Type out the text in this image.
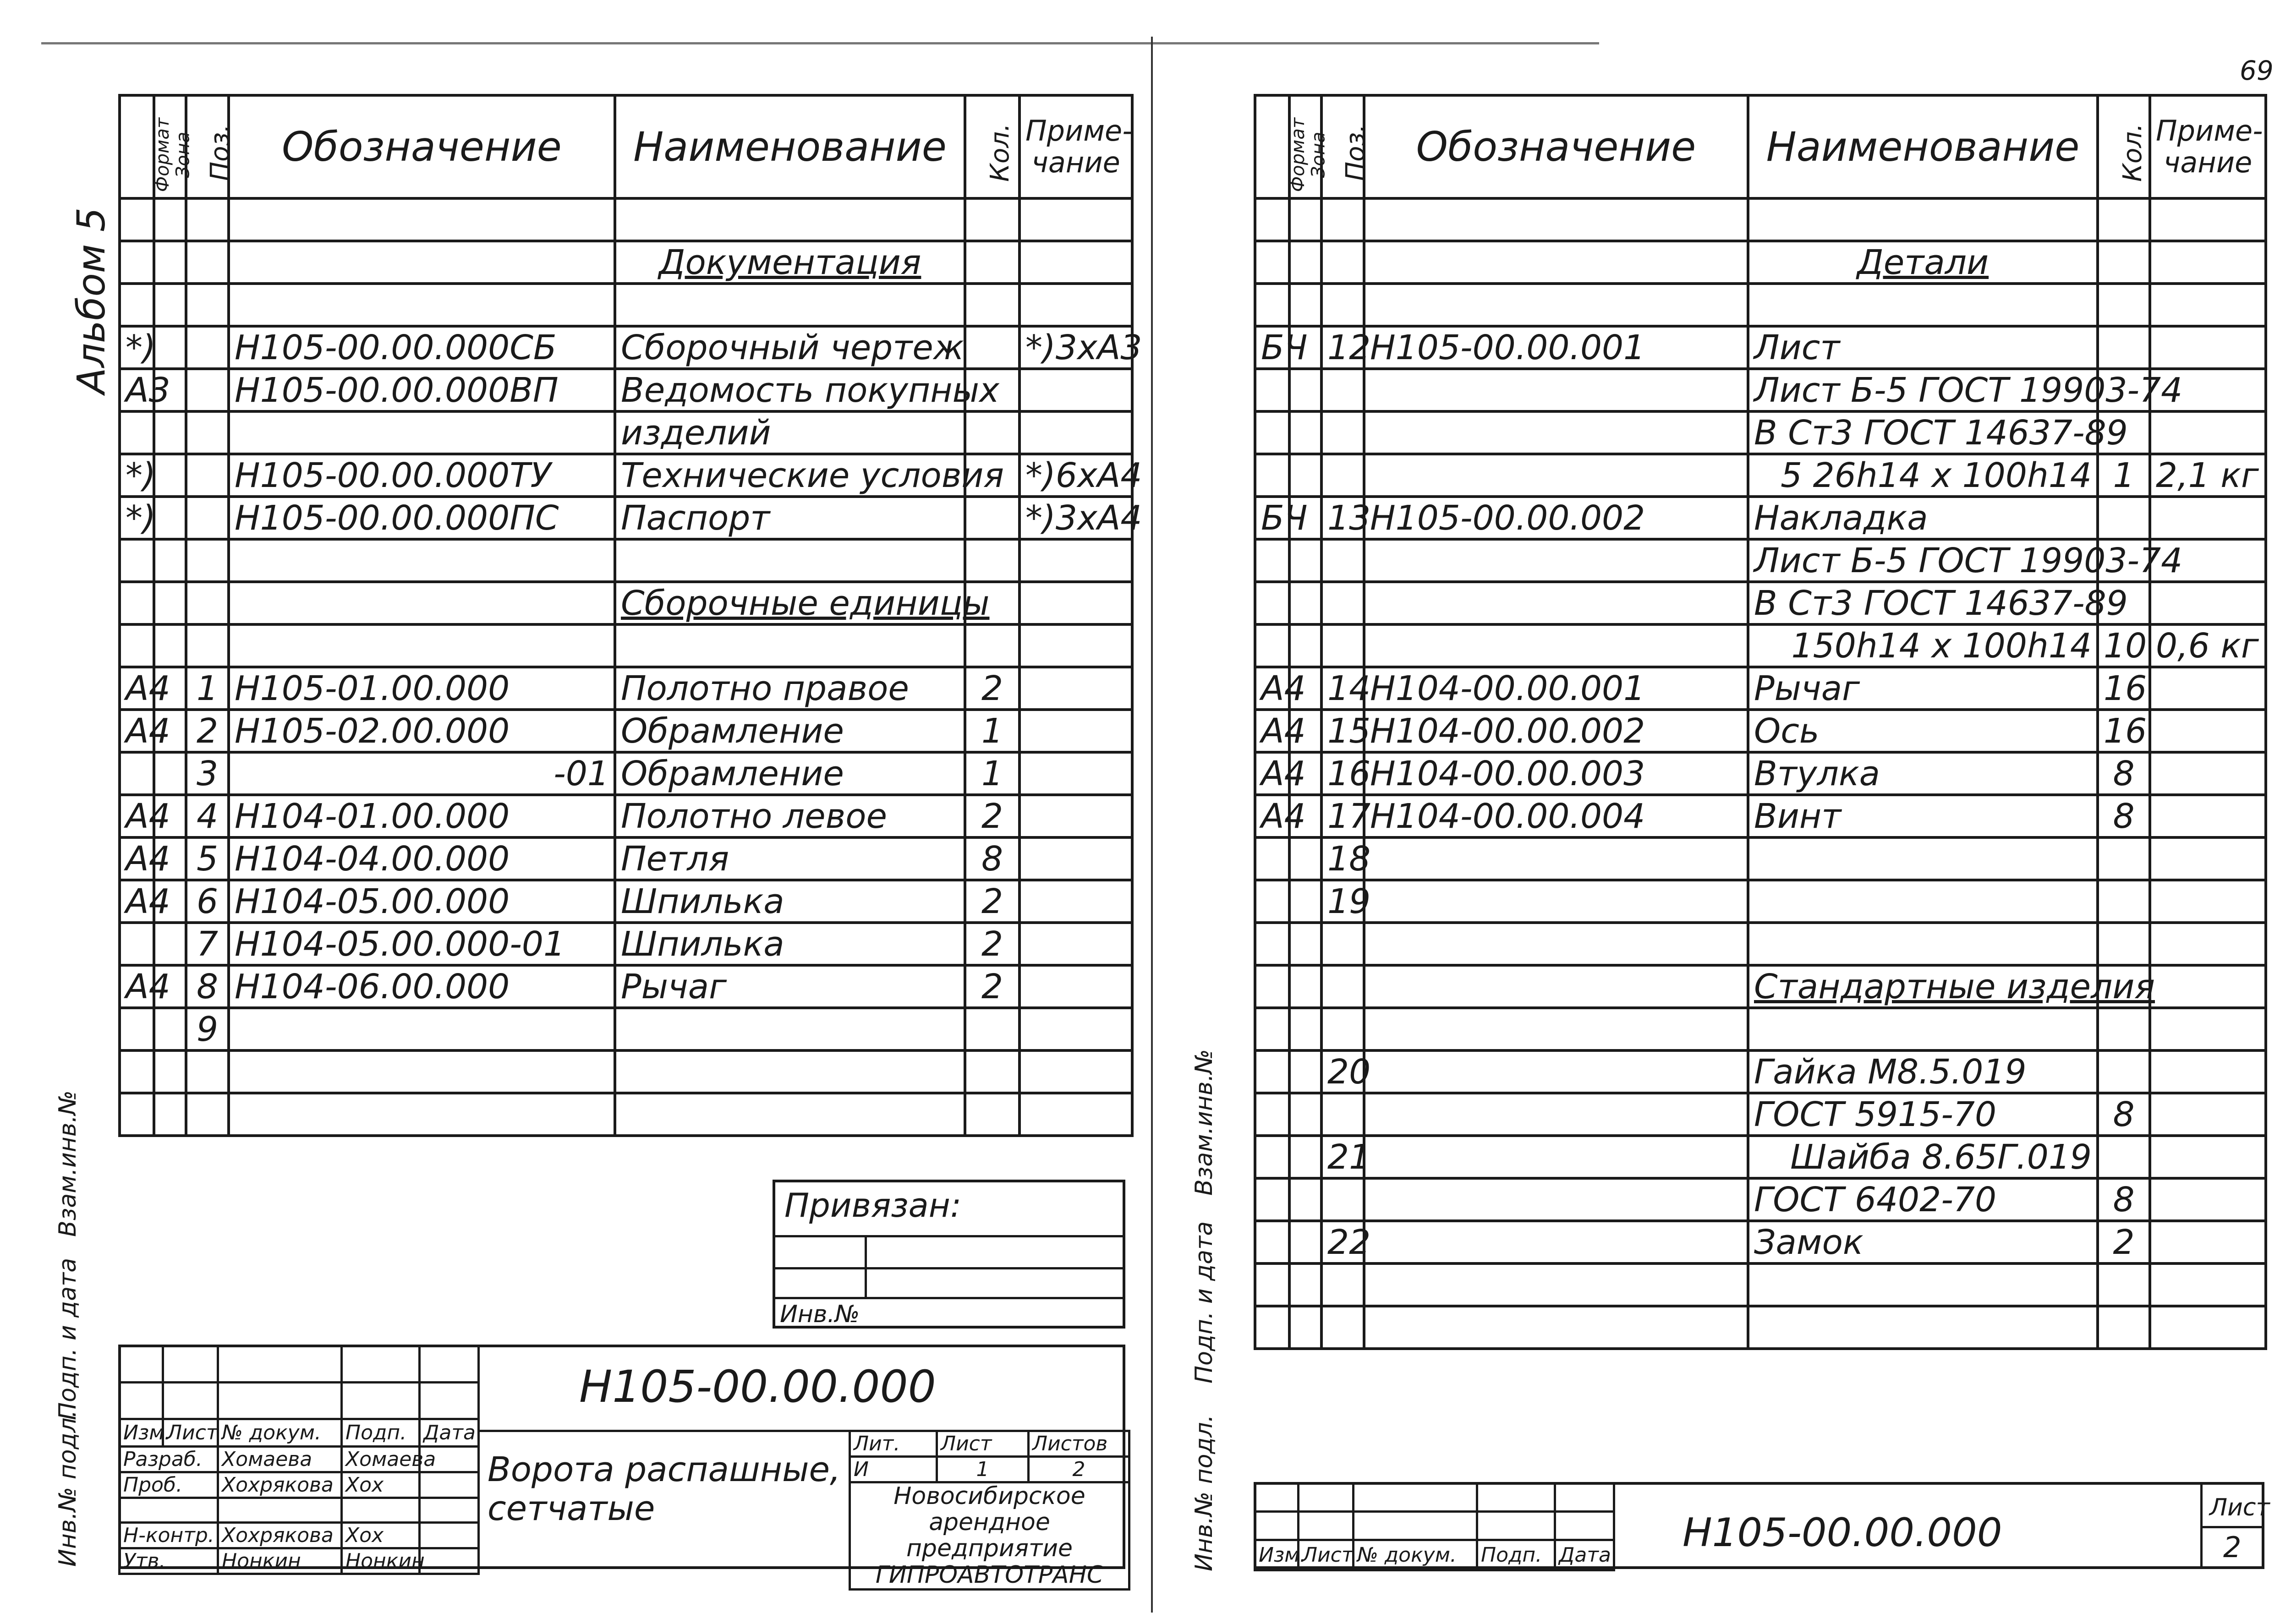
69
Альбом 5
Формат	Зона	Поз.	Обозначение	Наименование	Кол.	Приме-чание

				Документация		

*)			Н105-00.00.000СБ	Сборочный чертеж		*)3хА3
А3			Н105-00.00.000ВП	Ведомость покупных		
				изделий		
*)			Н105-00.00.000ТУ	Технические условия		*)6хА4
*)			Н105-00.00.000ПС	Паспорт		*)3хА4

				Сборочные единицы		

А4		1	Н105-01.00.000	Полотно правое	2	
А4		2	Н105-02.00.000	Обрамление	1	
		3	-01	Обрамление	1	
А4		4	Н104-01.00.000	Полотно левое	2	
А4		5	Н104-04.00.000	Петля	8	
А4		6	Н104-05.00.000	Шпилька	2	
		7	Н104-05.00.000-01	Шпилька	2	
А4		8	Н104-06.00.000	Рычаг	2	
		9				

Взам.инв.№
Подп. и дата
Инв.№ подл.
Привязан:
Инв.№

Изм.	Лист	№ докум.	Подп.	Дата
Разраб.		Хомаева	Хомаева	
Проб.		Хохрякова	Хох	

Н-контр.		Хохрякова	Хох	
Утв.		Нонкин	Нонкин	
Н105-00.00.000
Ворота распашные, сетчатые
Лит.	Лист	Листов
И	1	2
Новосибирское арендное предприятие ГИПРОАВТОТРАНС		
Формат	Зона	Поз.	Обозначение	Наименование	Кол.	Приме-чание

				Детали		

БЧ		12	Н105-00.00.001	Лист		
				Лист Б-5 ГОСТ 19903-74		
				В Ст3 ГОСТ 14637-89		
				5 26h14 х 100h14	1	2,1 кг
БЧ		13	Н105-00.00.002	Накладка		
				Лист Б-5 ГОСТ 19903-74		
				В Ст3 ГОСТ 14637-89		
				150h14 х 100h14	10	0,6 кг
А4		14	Н104-00.00.001	Рычаг	16	
А4		15	Н104-00.00.002	Ось	16	
А4		16	Н104-00.00.003	Втулка	8	
А4		17	Н104-00.00.004	Винт	8	
		18				
		19				

				Стандартные изделия		

		20		Гайка М8.5.019		
				ГОСТ 5915-70	8	
		21		Шайба 8.65Г.019		
				ГОСТ 6402-70	8	
		22		Замок	2	

Взам.инв.№
Подп. и дата
Инв.№ подл.

				Изм.	Лист	№ докум.	Подп.	Дата Н105-00.00.000
Лист
2
